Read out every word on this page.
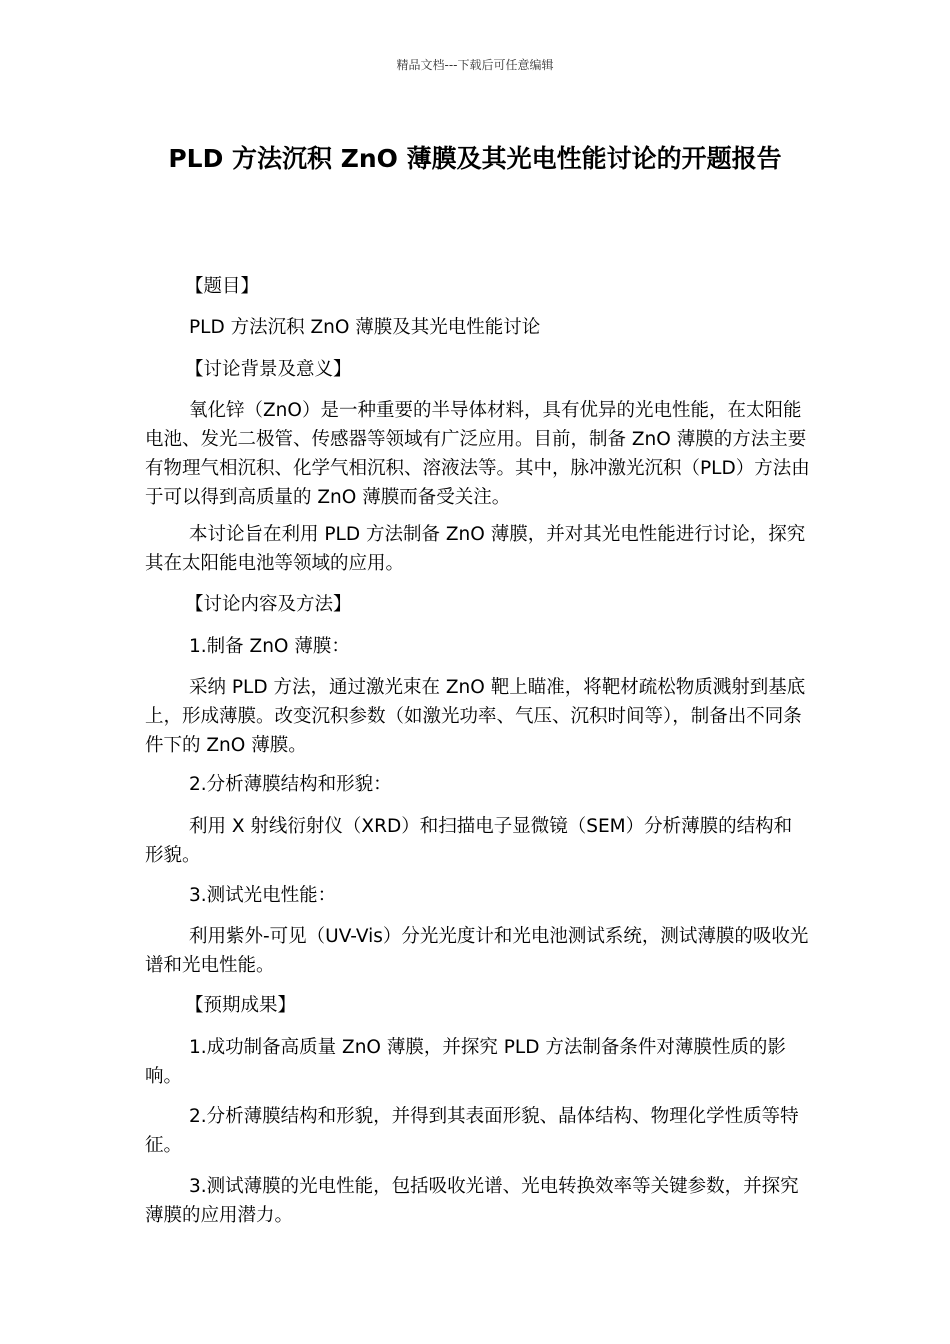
精品文档---下载后可任意编辑
PLD 方法沉积 ZnO 薄膜及其光电性能讨论的开题报告

【题目】

PLD 方法沉积 ZnO 薄膜及其光电性能讨论

【讨论背景及意义】

氧化锌（ZnO）是一种重要的半导体材料，具有优异的光电性能，在太阳能电池、发光二极管、传感器等领域有广泛应用。目前，制备 ZnO 薄膜的方法主要有物理气相沉积、化学气相沉积、溶液法等。其中，脉冲激光沉积（PLD）方法由于可以得到高质量的 ZnO 薄膜而备受关注。

本讨论旨在利用 PLD 方法制备 ZnO 薄膜，并对其光电性能进行讨论，探究其在太阳能电池等领域的应用。

【讨论内容及方法】

1.制备 ZnO 薄膜：

采纳 PLD 方法，通过激光束在 ZnO 靶上瞄准，将靶材疏松物质溅射到基底上，形成薄膜。改变沉积参数（如激光功率、气压、沉积时间等），制备出不同条件下的 ZnO 薄膜。

2.分析薄膜结构和形貌：

利用 X 射线衍射仪（XRD）和扫描电子显微镜（SEM）分析薄膜的结构和形貌。

3.测试光电性能：

利用紫外-可见（UV-Vis）分光光度计和光电池测试系统，测试薄膜的吸收光谱和光电性能。

【预期成果】

1.成功制备高质量 ZnO 薄膜，并探究 PLD 方法制备条件对薄膜性质的影响。

2.分析薄膜结构和形貌，并得到其表面形貌、晶体结构、物理化学性质等特征。

3.测试薄膜的光电性能，包括吸收光谱、光电转换效率等关键参数，并探究薄膜的应用潜力。
